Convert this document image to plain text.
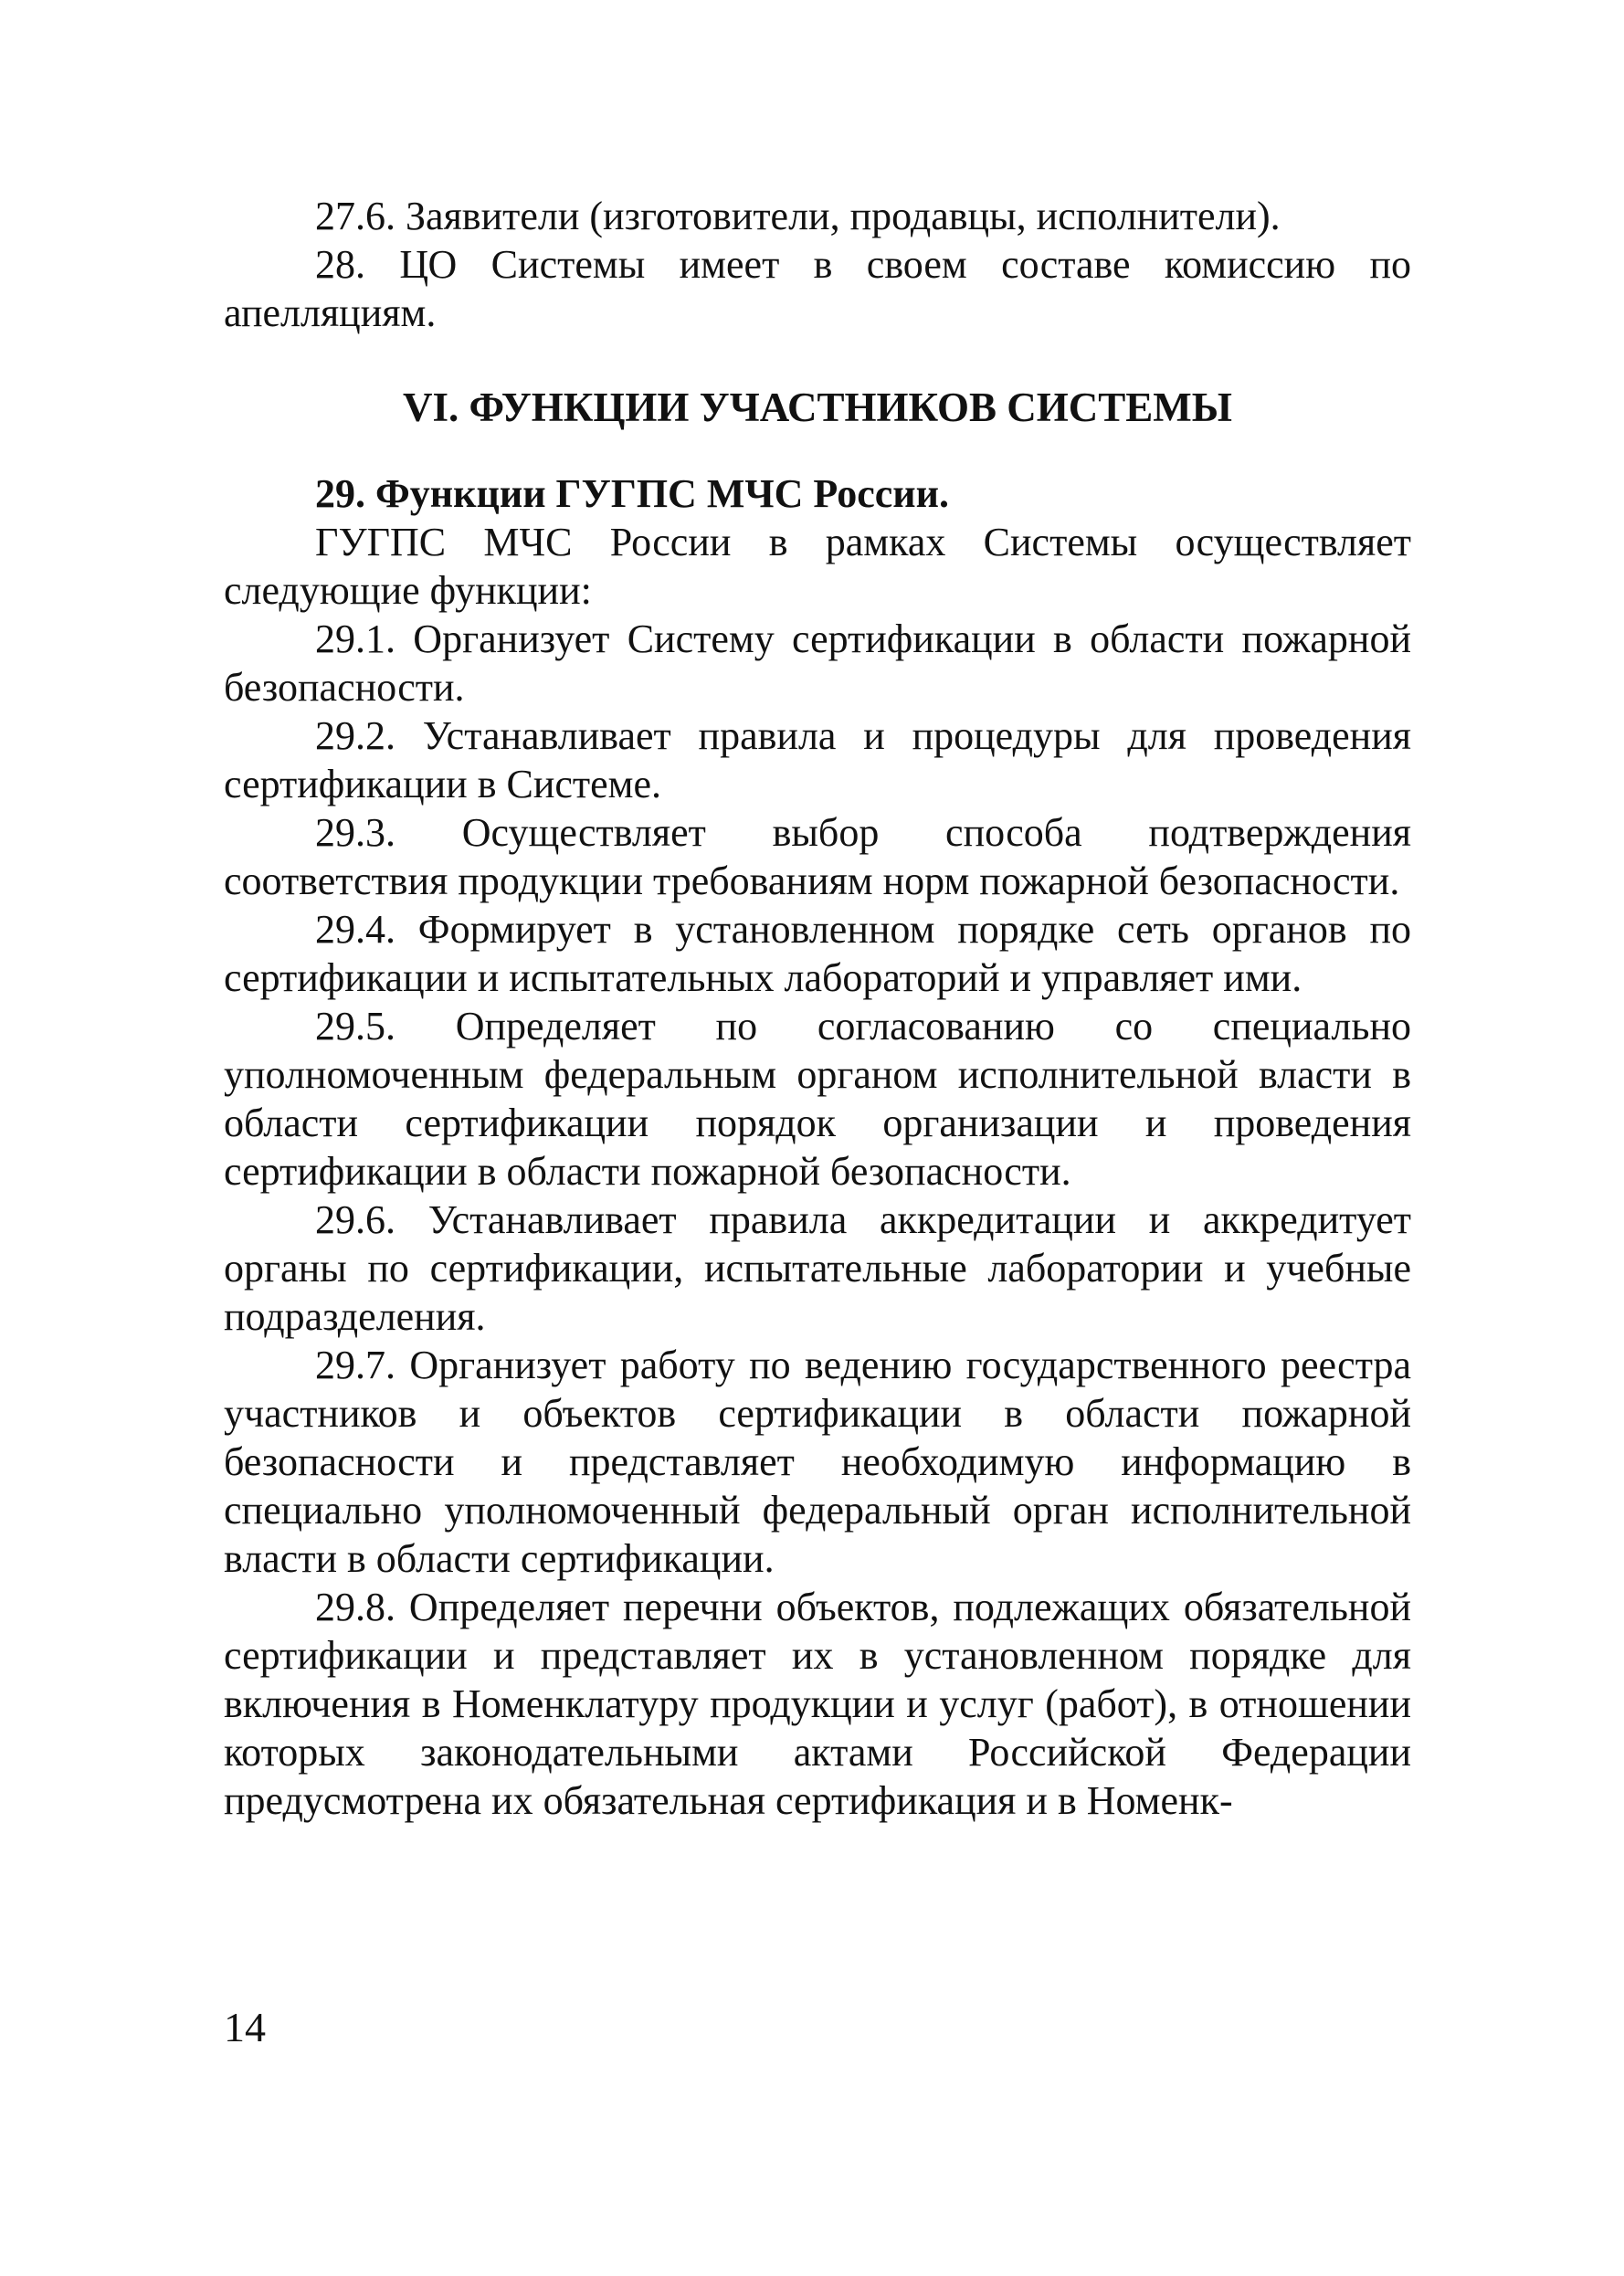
27.6. Заявители (изготовители, продавцы, исполнители).

28. ЦО Системы имеет в своем составе комиссию по апелляциям.

VI. ФУНКЦИИ УЧАСТНИКОВ СИСТЕМЫ

29. Функции ГУГПС МЧС России.

ГУГПС МЧС России в рамках Системы осуществляет следующие функции:

29.1. Организует Систему сертификации в области пожарной безопасности.

29.2. Устанавливает правила и процедуры для проведения сертификации в Системе.

29.3. Осуществляет выбор способа подтверждения соответствия продукции требованиям норм пожарной безопасности.

29.4. Формирует в установленном порядке сеть органов по сертификации и испытательных лабораторий и управляет ими.

29.5. Определяет по согласованию со специально уполномоченным федеральным органом исполнительной власти в области сертификации порядок организации и проведения сертификации в области пожарной безопасности.

29.6. Устанавливает правила аккредитации и аккредитует органы по сертификации, испытательные лаборатории и учебные подразделения.

29.7. Организует работу по ведению государственного реестра участников и объектов сертификации в области пожарной безопасности и представляет необходимую информацию в специально уполномоченный федеральный орган исполнительной власти в области сертификации.

29.8. Определяет перечни объектов, подлежащих обязательной сертификации и представляет их в установленном порядке для включения в Номенклатуру продукции и услуг (работ), в отношении которых законодательными актами Российской Федерации предусмотрена их обязательная сертификация и в Номенк-

14
